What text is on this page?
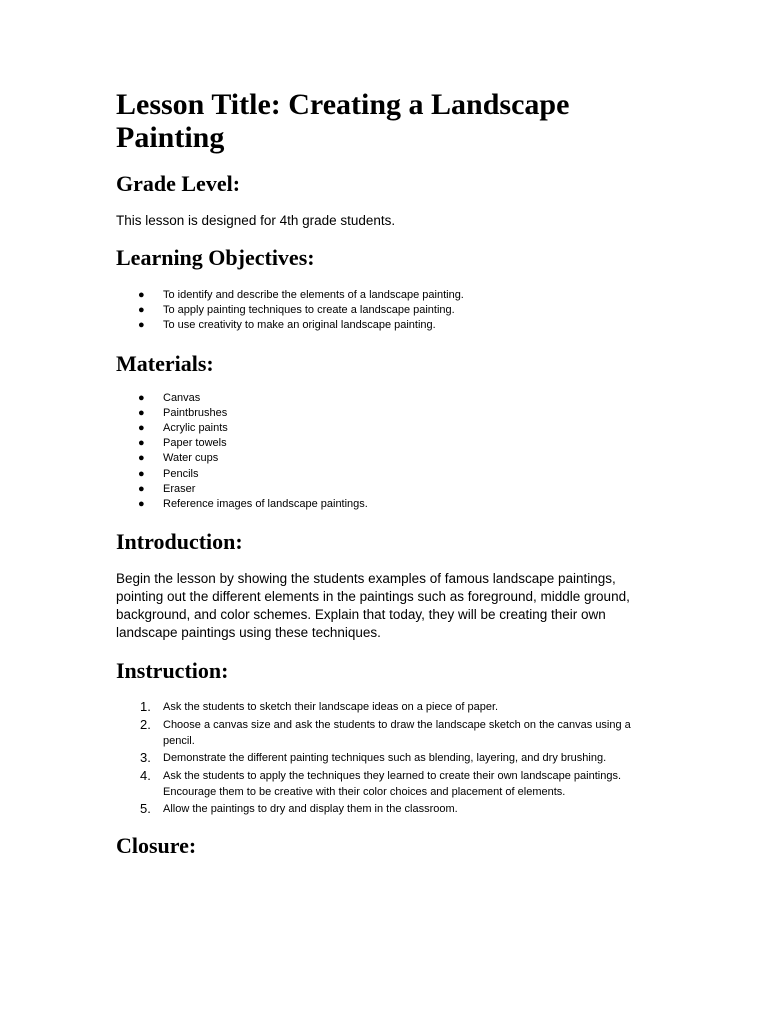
Lesson Title: Creating a Landscape Painting
Grade Level:

This lesson is designed for 4th grade students.

Learning Objectives:
● To identify and describe the elements of a landscape painting.
● To apply painting techniques to create a landscape painting.
● To use creativity to make an original landscape painting.
Materials:
● Canvas
● Paintbrushes
● Acrylic paints
● Paper towels
● Water cups
● Pencils
● Eraser
● Reference images of landscape paintings.
Introduction:

Begin the lesson by showing the students examples of famous landscape paintings, pointing out the different elements in the paintings such as foreground, middle ground, background, and color schemes. Explain that today, they will be creating their own landscape paintings using these techniques.

Instruction:
1. Ask the students to sketch their landscape ideas on a piece of paper.
2. Choose a canvas size and ask the students to draw the landscape sketch on the canvas using a pencil.
3. Demonstrate the different painting techniques such as blending, layering, and dry brushing.
4. Ask the students to apply the techniques they learned to create their own landscape paintings. Encourage them to be creative with their color choices and placement of elements.
5. Allow the paintings to dry and display them in the classroom.
Closure:
